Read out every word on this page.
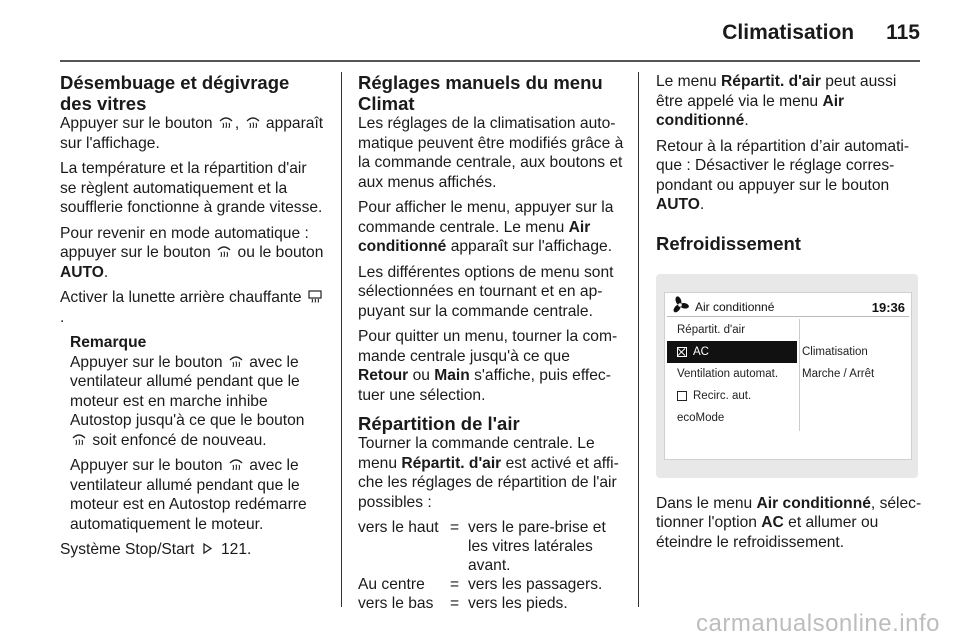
Climatisation 115
Désembuage et dégivrage des vitres

Appuyer sur le bouton ,  apparaît sur l'affichage.

La température et la répartition d'air se règlent automatiquement et la soufflerie fonctionne à grande vitesse.

Pour revenir en mode automatique : appuyer sur le bouton  ou le bouton AUTO.

Activer la lunette arrière chauffante .

Remarque

Appuyer sur le bouton  avec le ventilateur allumé pendant que le moteur est en marche inhibe Autostop jusqu'à ce que le bouton  soit enfoncé de nouveau.

Appuyer sur le bouton  avec le ventilateur allumé pendant que le moteur est en Autostop redémarre automatiquement le moteur.

Système Stop/Start  121.

Réglages manuels du menu Climat

Les réglages de la climatisation automatique peuvent être modifiés grâce à la commande centrale, aux boutons et aux menus affichés.

Pour afficher le menu, appuyer sur la commande centrale. Le menu Air conditionné apparaît sur l'affichage.

Les différentes options de menu sont sélectionnées en tournant et en appuyant sur la commande centrale.

Pour quitter un menu, tourner la commande centrale jusqu'à ce que Retour ou Main s'affiche, puis effectuer une sélection.

Répartition de l'air

Tourner la commande centrale. Le menu Répartit. d'air est activé et affiche les réglages de répartition de l'air possibles :

vers le haut = vers le pare-brise et les vitres latérales avant.
Au centre	= vers les passagers.
vers le bas	= vers les pieds.

Le menu Répartit. d'air peut aussi être appelé via le menu Air conditionné.

Retour à la répartition d’air automatique : Désactiver le réglage correspondant ou appuyer sur le bouton AUTO.

Refroidissement
Air conditionné	19:36
Répartit. d'air
AC
Ventilation automat.
Recirc. aut.
ecoMode
Climatisation
Marche / Arrêt

Dans le menu Air conditionné, sélectionner l'option AC et allumer ou éteindre le refroidissement.

carmanualsonline.info
